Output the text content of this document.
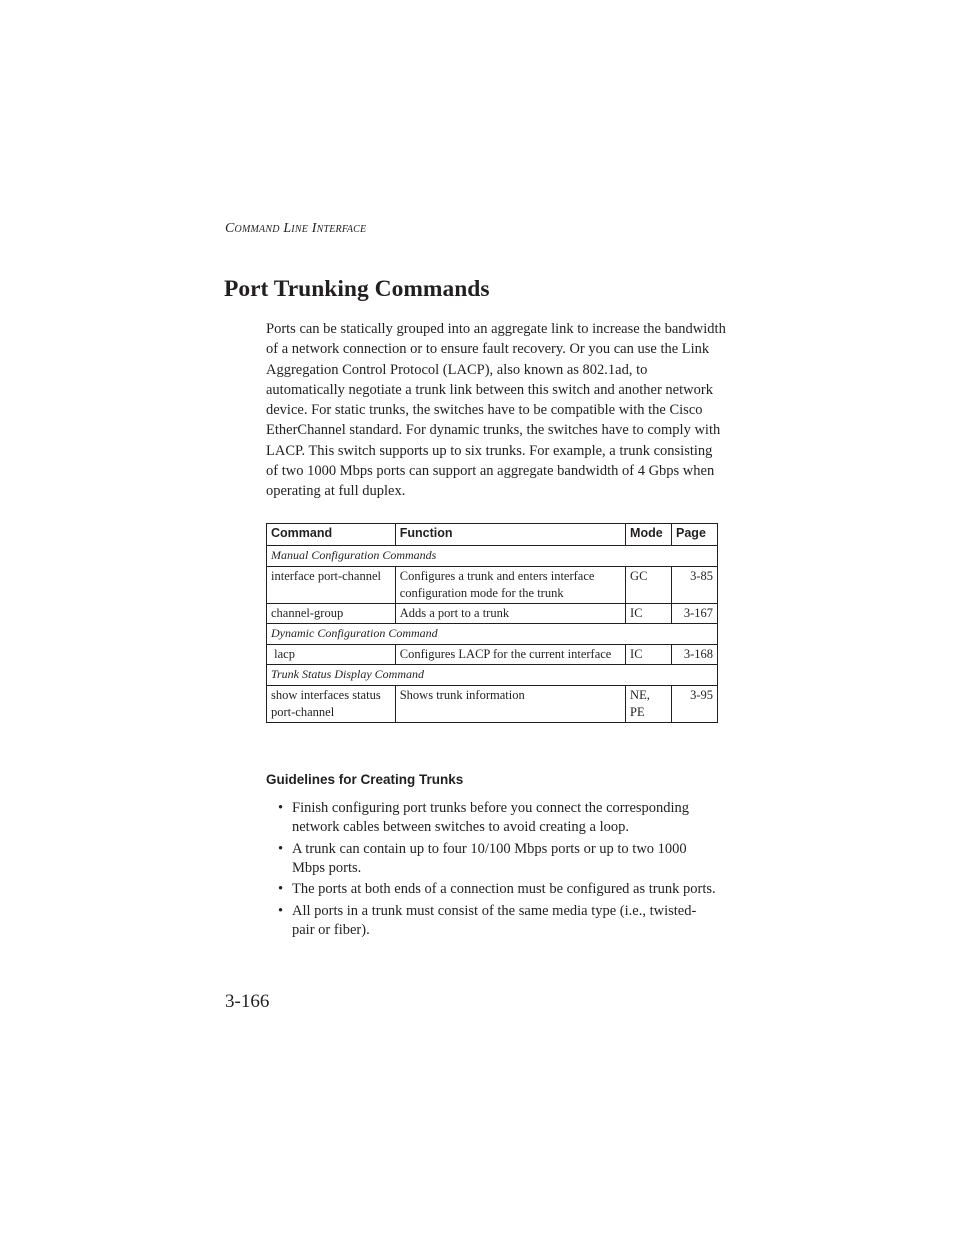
Command Line Interface
Port Trunking Commands

Ports can be statically grouped into an aggregate link to increase the bandwidth of a network connection or to ensure fault recovery. Or you can use the Link Aggregation Control Protocol (LACP), also known as 802.1ad, to automatically negotiate a trunk link between this switch and another network device. For static trunks, the switches have to be compatible with the Cisco EtherChannel standard. For dynamic trunks, the switches have to comply with LACP. This switch supports up to six trunks. For example, a trunk consisting of two 1000 Mbps ports can support an aggregate bandwidth of 4 Gbps when operating at full duplex.

Command	Function	Mode	Page
Manual Configuration Commands			
interface port-channel	Configures a trunk and enters interface configuration mode for the trunk	GC	3-85
channel-group	Adds a port to a trunk	IC	3-167
Dynamic Configuration Command			
lacp	Configures LACP for the current interface	IC	3-168
Trunk Status Display Command			
show interfaces status port-channel	Shows trunk information	NE, PE	3-95
Guidelines for Creating Trunks
• Finish configuring port trunks before you connect the corresponding network cables between switches to avoid creating a loop.
• A trunk can contain up to four 10/100 Mbps ports or up to two 1000 Mbps ports.
• The ports at both ends of a connection must be configured as trunk ports.
• All ports in a trunk must consist of the same media type (i.e., twisted-pair or fiber).
3-166
